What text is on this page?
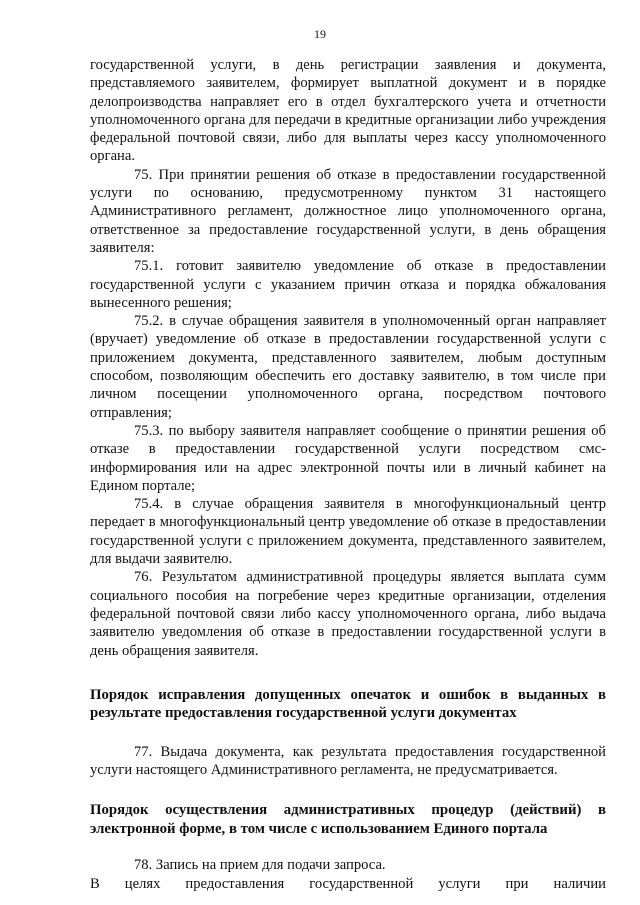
19

государственной услуги, в день регистрации заявления и документа, представляемого заявителем, формирует выплатной документ и в порядке делопроизводства направляет его в отдел бухгалтерского учета и отчетности уполномоченного органа для передачи в кредитные организации либо учреждения федеральной почтовой связи, либо для выплаты через кассу уполномоченного органа.

75. При принятии решения об отказе в предоставлении государственной услуги по основанию, предусмотренному пунктом 31 настоящего Административного регламент, должностное лицо уполномоченного органа, ответственное за предоставление государственной услуги, в день обращения заявителя:

75.1. готовит заявителю уведомление об отказе в предоставлении государственной услуги с указанием причин отказа и порядка обжалования вынесенного решения;

75.2. в случае обращения заявителя в уполномоченный орган направляет (вручает) уведомление об отказе в предоставлении государственной услуги с приложением документа, представленного заявителем, любым доступным способом, позволяющим обеспечить его доставку заявителю, в том числе при личном посещении уполномоченного органа, посредством почтового отправления;

75.3. по выбору заявителя направляет сообщение о принятии решения об отказе в предоставлении государственной услуги посредством смс-информирования или на адрес электронной почты или в личный кабинет на Едином портале;

75.4. в случае обращения заявителя в многофункциональный центр передает в многофункциональный центр уведомление об отказе в предоставлении государственной услуги с приложением документа, представленного заявителем, для выдачи заявителю.

76. Результатом административной процедуры является выплата сумм социального пособия на погребение через кредитные организации, отделения федеральной почтовой связи либо кассу уполномоченного органа, либо выдача заявителю уведомления об отказе в предоставлении государственной услуги в день обращения заявителя.

Порядок исправления допущенных опечаток и ошибок в выданных в результате предоставления государственной услуги документах

77. Выдача документа, как результата предоставления государственной услуги настоящего Административного регламента, не предусматривается.

Порядок осуществления административных процедур (действий) в электронной форме, в том числе с использованием Единого портала

78. Запись на прием для подачи запроса.

В целях предоставления государственной услуги при наличии
